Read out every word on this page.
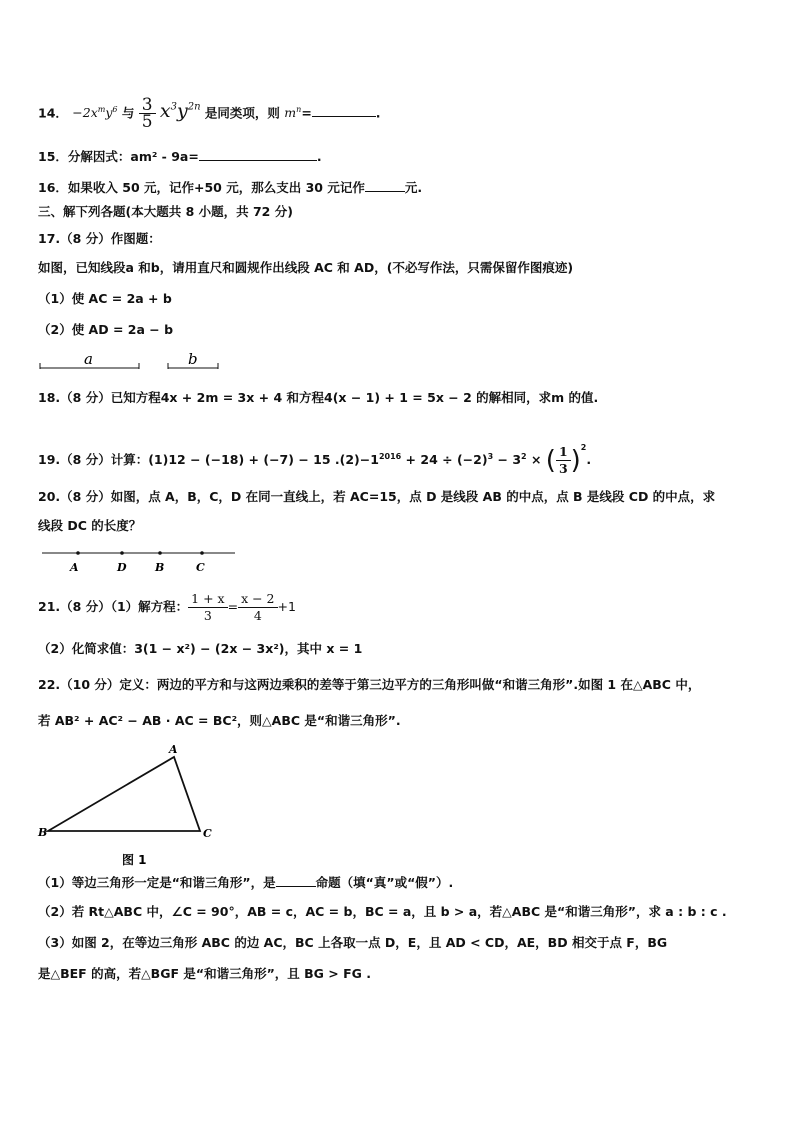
14． $-2x^my^6$ 与 $\frac{3}{5} x^3y^{2n}$ 是同类项，则 $m^n=$	.
15．分解因式：am² - 9a=	.
16．如果收入 50 元，记作+50 元，那么支出 30 元记作	元.
三、解下列各题(本大题共 8 小题，共 72 分)
17.（8 分）作图题：
如图，已知线段a 和b，请用直尺和圆规作出线段 AC 和 AD，(不必写作法，只需保留作图痕迹)
（1）使 AC = 2a + b
（2）使 AD = 2a − b
a	b
18.（8 分）已知方程4x + 2m = 3x + 4 和方程4(x − 1) + 1 = 5x − 2 的解相同，求m 的值.
19.（8 分）计算：(1)12 − (−18) + (−7) − 15 $.(2)-1^{2016} + 24 \div (-2)^3 - 3^2$ × ( $\frac{1}{3} )^2$.
20.（8 分）如图，点 A，B，C，D 在同一直线上，若 AC=15，点 D 是线段 AB 的中点，点 B 是线段 CD 的中点，求
线段 DC 的长度？
A	D	B	C
21.（8 分）（1）解方程： $\frac{1 + x}{3} = \frac{x - 2}{4} +1$
（2）化简求值：3(1 − x²) − (2x − 3x²)，其中 x = 1
22.（10 分）定义：两边的平方和与这两边乘积的差等于第三边平方的三角形叫做“和谐三角形”.如图 1 在△ABC 中，
若 AB² + AC² − AB · AC = BC²，则△ABC 是“和谐三角形”.
A
B	C
图 1
（1）等边三角形一定是“和谐三角形”，是	命题（填“真”或“假”）.
（2）若 Rt△ABC 中，∠C = 90°，AB = c，AC = b，BC = a，且 b > a，若△ABC 是“和谐三角形”，求 a : b : c .
（3）如图 2，在等边三角形 ABC 的边 AC，BC 上各取一点 D，E，且 AD < CD，AE，BD 相交于点 F，BG
是△BEF 的高，若△BGF 是“和谐三角形”，且 BG > FG .
